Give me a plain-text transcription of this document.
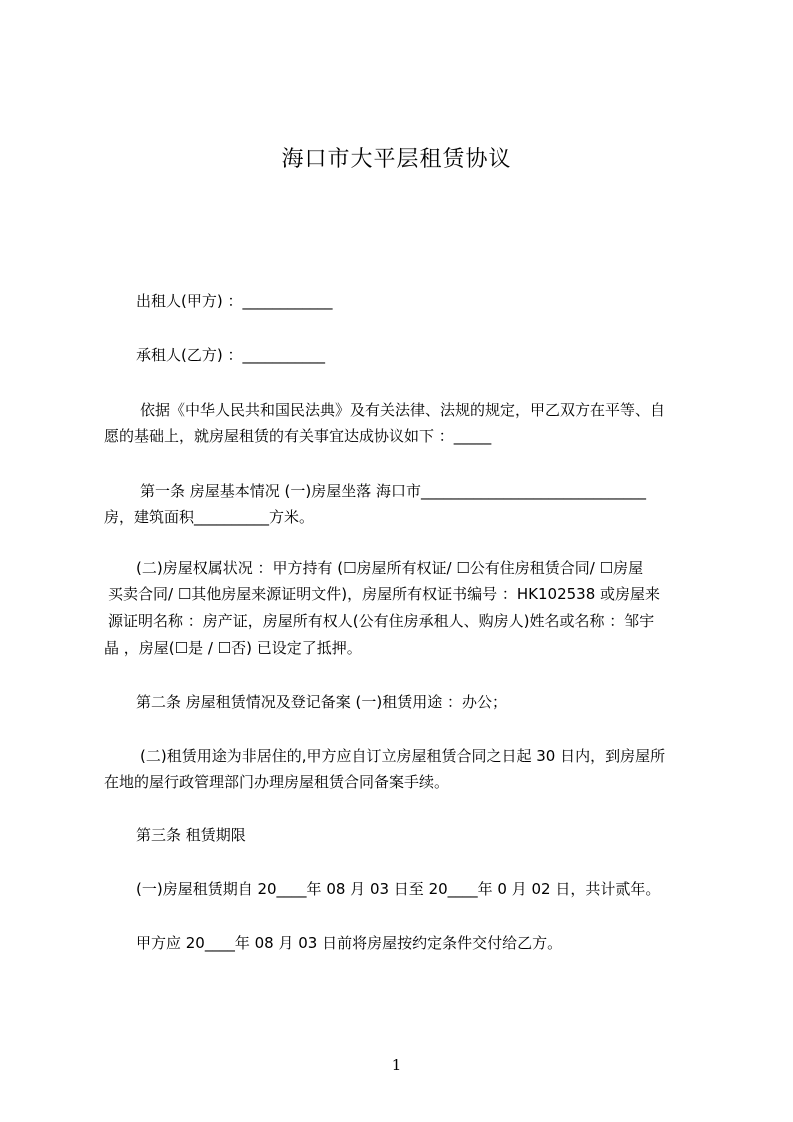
海口市大平层租赁协议
出租人(甲方) ：____________
承租人(乙方) ：___________
依据《中华人民共和国民法典》及有关法律、法规的规定，甲乙双方在平等、自
愿的基础上，就房屋租赁的有关事宜达成协议如下 ：_____
第一条 房屋基本情况 (一)房屋坐落 海口市______________________________
房，建筑面积__________方米。
(二)房屋权属状况 ：甲方持有 (☐房屋所有权证/ ☐公有住房租赁合同/ ☐房屋
买卖合同/ ☐其他房屋来源证明文件)，房屋所有权证书编号 ：HK102538 或房屋来
源证明名称 ：房产证，房屋所有权人(公有住房承租人、购房人)姓名或名称 ：邹宇
晶 ，房屋(☐是 / ☐否) 已设定了抵押。
第二条 房屋租赁情况及登记备案 (一)租赁用途 ：办公；
(二)租赁用途为非居住的,甲方应自订立房屋租赁合同之日起 30 日内，到房屋所
在地的屋行政管理部门办理房屋租赁合同备案手续。
第三条 租赁期限
(一)房屋租赁期自 20____年 08 月 03 日至 20____年 0 月 02 日，共计贰年。
甲方应 20____年 08 月 03 日前将房屋按约定条件交付给乙方。
1
